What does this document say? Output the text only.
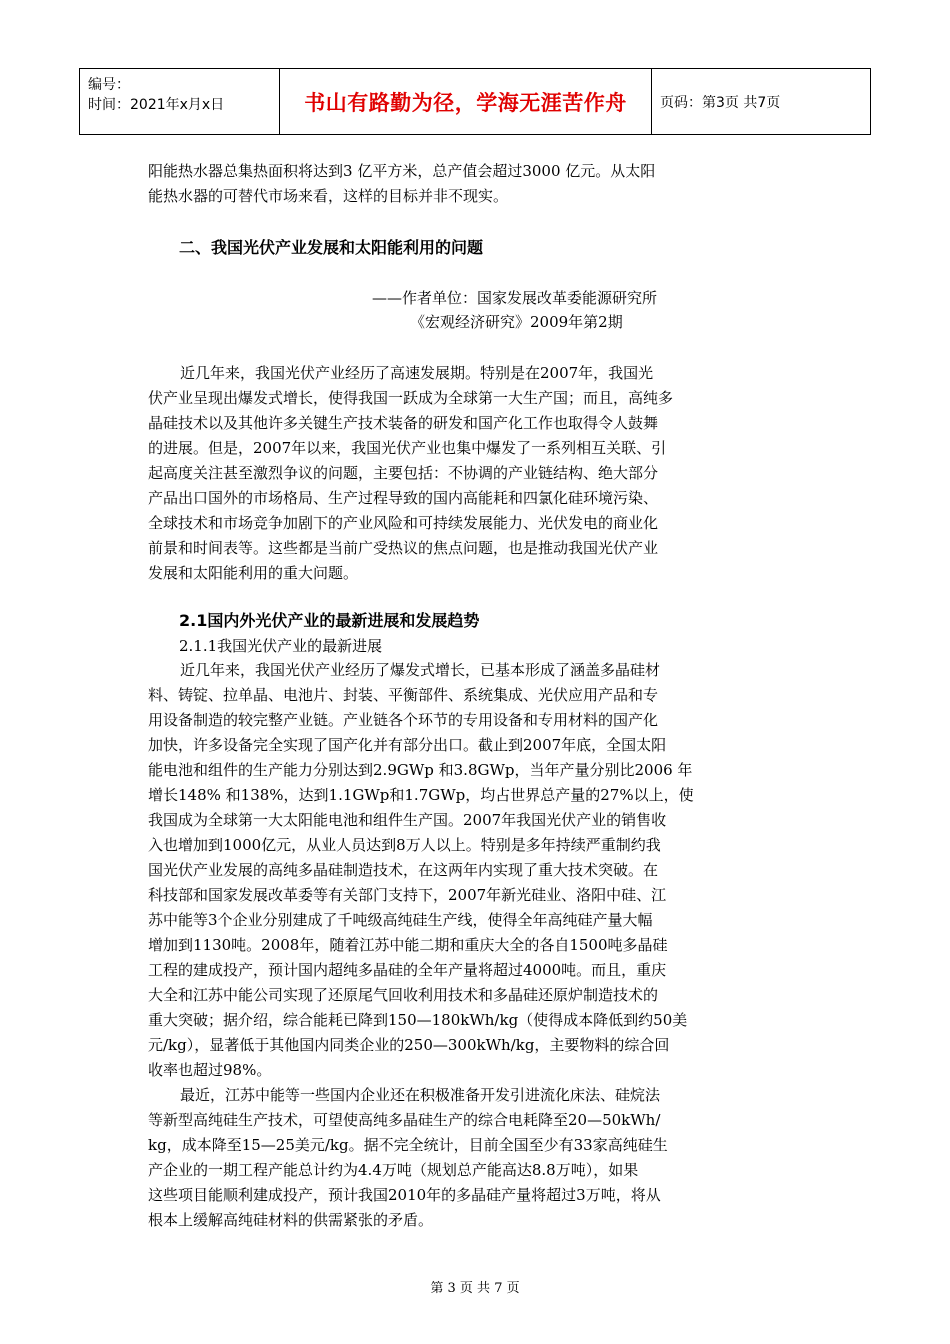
编号：
时间：2021年x月x日	书山有路勤为径，学海无涯苦作舟	页码：第3页 共7页
阳能热水器总集热面积将达到3 亿平方米，总产值会超过3000 亿元。从太阳
能热水器的可替代市场来看，这样的目标并非不现实。
二、我国光伏产业发展和太阳能利用的问题
——作者单位：国家发展改革委能源研究所
《宏观经济研究》2009年第2期
近几年来，我国光伏产业经历了高速发展期。特别是在2007年，我国光
伏产业呈现出爆发式增长，使得我国一跃成为全球第一大生产国；而且，高纯多
晶硅技术以及其他许多关键生产技术装备的研发和国产化工作也取得令人鼓舞
的进展。但是，2007年以来，我国光伏产业也集中爆发了一系列相互关联、引
起高度关注甚至激烈争议的问题，主要包括：不协调的产业链结构、绝大部分
产品出口国外的市场格局、生产过程导致的国内高能耗和四氯化硅环境污染、
全球技术和市场竞争加剧下的产业风险和可持续发展能力、光伏发电的商业化
前景和时间表等。这些都是当前广受热议的焦点问题，也是推动我国光伏产业
发展和太阳能利用的重大问题。
2.1国内外光伏产业的最新进展和发展趋势
2.1.1我国光伏产业的最新进展
近几年来，我国光伏产业经历了爆发式增长，已基本形成了涵盖多晶硅材
料、铸锭、拉单晶、电池片、封装、平衡部件、系统集成、光伏应用产品和专
用设备制造的较完整产业链。产业链各个环节的专用设备和专用材料的国产化
加快，许多设备完全实现了国产化并有部分出口。截止到2007年底，全国太阳
能电池和组件的生产能力分别达到2.9GWp 和3.8GWp，当年产量分别比2006 年
增长148% 和138%，达到1.1GWp和1.7GWp，均占世界总产量的27%以上，使
我国成为全球第一大太阳能电池和组件生产国。2007年我国光伏产业的销售收
入也增加到1000亿元，从业人员达到8万人以上。特别是多年持续严重制约我
国光伏产业发展的高纯多晶硅制造技术，在这两年内实现了重大技术突破。在
科技部和国家发展改革委等有关部门支持下，2007年新光硅业、洛阳中硅、江
苏中能等3个企业分别建成了千吨级高纯硅生产线，使得全年高纯硅产量大幅
增加到1130吨。2008年，随着江苏中能二期和重庆大全的各自1500吨多晶硅
工程的建成投产，预计国内超纯多晶硅的全年产量将超过4000吨。而且，重庆
大全和江苏中能公司实现了还原尾气回收利用技术和多晶硅还原炉制造技术的
重大突破；据介绍，综合能耗已降到150—180kWh/kg（使得成本降低到约50美
元/kg），显著低于其他国内同类企业的250—300kWh/kg，主要物料的综合回
收率也超过98%。
最近，江苏中能等一些国内企业还在积极准备开发引进流化床法、硅烷法
等新型高纯硅生产技术，可望使高纯多晶硅生产的综合电耗降至20—50kWh/
kg，成本降至15—25美元/kg。据不完全统计，目前全国至少有33家高纯硅生
产企业的一期工程产能总计约为4.4万吨（规划总产能高达8.8万吨），如果
这些项目能顺利建成投产，预计我国2010年的多晶硅产量将超过3万吨，将从
根本上缓解高纯硅材料的供需紧张的矛盾。
第 3 页 共 7 页
